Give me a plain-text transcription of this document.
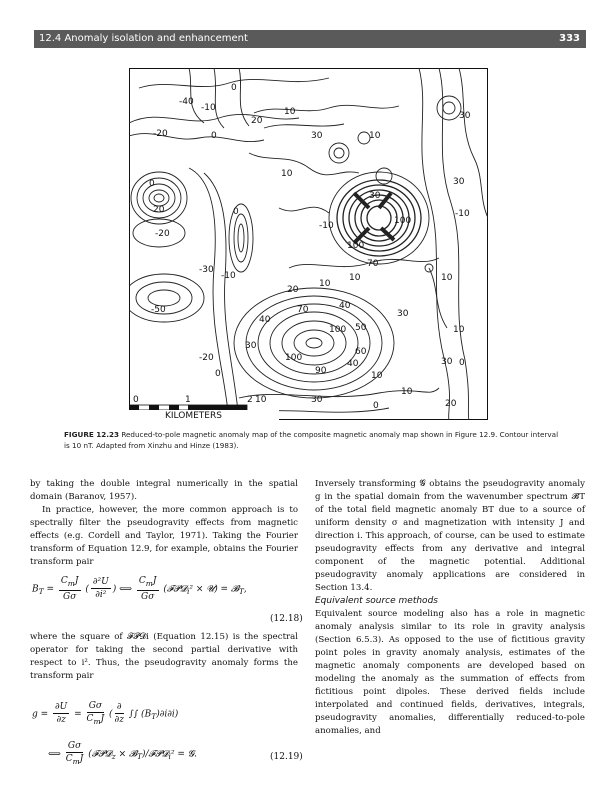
12.4 Anomaly isolation and enhancement	333
-40
-10
0
20
10	30
-20	0	30	10
30
0
10
20	-10
100
-10
0
-20
100
30
70
-30
-10	10	10
20
10
-50	70	40
30
40
10
100 50
30
-20	100
60
0
90
40	30
10
0
1	2 10	30
0	20
10
0
KILOMETERS
FIGURE 12.23 Reduced-to-pole magnetic anomaly map of the composite magnetic anomaly map shown in Figure 12.9. Contour interval is 10 nT. Adapted from Xinzhu and Hinze (1983).

by taking the double integral numerically in the spatial domain (Baranov, 1957).

In practice, however, the more common approach is to spectrally filter the pseudogravity effects from magnetic effects (e.g. Cordell and Taylor, 1971). Taking the Fourier transform of Equation 12.9, for example, obtains the Fourier transform pair

$B_T = \frac{C_mJ}{G\sigma}$ ( $\frac{\text{∂²U}}{\text{∂i²}}$ ) ⟺ $\frac{C_mJ}{G\sigma}$ (𝓕𝓟𝓓$_i$² × 𝓤) = 𝓑$_T$,
(12.18)

where the square of 𝓕𝓟𝓓i (Equation 12.15) is the spectral operator for taking the second partial derivative with respect to i². Thus, the pseudogravity anomaly forms the transform pair

$g = \frac{\partial U}{\partial z} = \frac{G\sigma}{C_mJ}$ ( $\frac{\partial}{\partial z}$ ∫∫ $(B_T)\partial i\partial i$)
⟺ $\frac{G\sigma}{C_mJ}$ (𝓕𝓟𝓓$_z$ × 𝓑$_T$)/𝓕𝓟𝓓$_i$² = 𝓖.	(12.19)

Inversely transforming 𝓖 obtains the pseudogravity anomaly g in the spatial domain from the wavenumber spectrum 𝓑T of the total field magnetic anomaly BT due to a source of uniform density σ and magnetization with intensity J and direction i. This approach, of course, can be used to estimate pseudogravity effects from any derivative and integral component of the magnetic potential. Additional pseudogravity anomaly applications are considered in Section 13.4.

Equivalent source methods

Equivalent source modeling also has a role in magnetic anomaly analysis similar to its role in gravity analysis (Section 6.5.3). As opposed to the use of fictitious gravity point poles in gravity anomaly analysis, estimates of the magnetic anomaly components are developed based on modeling the anomaly as the summation of effects from fictitious point dipoles. These derived fields include interpolated and continued fields, derivatives, integrals, pseudogravity anomalies, differentially reduced-to-pole anomalies, and
